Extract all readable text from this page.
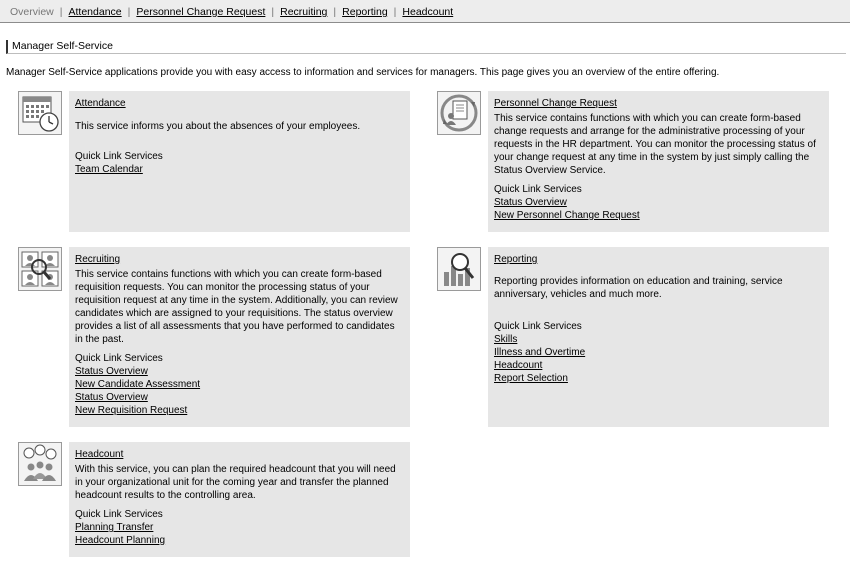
Overview | Attendance | Personnel Change Request | Recruiting | Reporting | Headcount
Manager Self-Service
Manager Self-Service applications provide you with easy access to information and services for managers. This page gives you an overview of the entire offering.
Attendance
This service informs you about the absences of your employees.
Quick Link Services
Team Calendar
Personnel Change Request
This service contains functions with which you can create form-based change requests and arrange for the administrative processing of your requests in the HR department. You can monitor the processing status of your change request at any time in the system by just simply calling the Status Overview Service.
Quick Link Services
Status Overview
New Personnel Change Request
Recruiting
This service contains functions with which you can create form-based requisition requests. You can monitor the processing status of your requisition request at any time in the system. Additionally, you can review candidates which are assigned to your requisitions. The status overview provides a list of all assessments that you have performed to candidates in the past.
Quick Link Services
Status Overview
New Candidate Assessment
Status Overview
New Requisition Request
Reporting
Reporting provides information on education and training, service anniversary, vehicles and much more.
Quick Link Services
Skills
Illness and Overtime
Headcount
Report Selection
Headcount
With this service, you can plan the required headcount that you will need in your organizational unit for the coming year and transfer the planned headcount results to the controlling area.
Quick Link Services
Planning Transfer
Headcount Planning
